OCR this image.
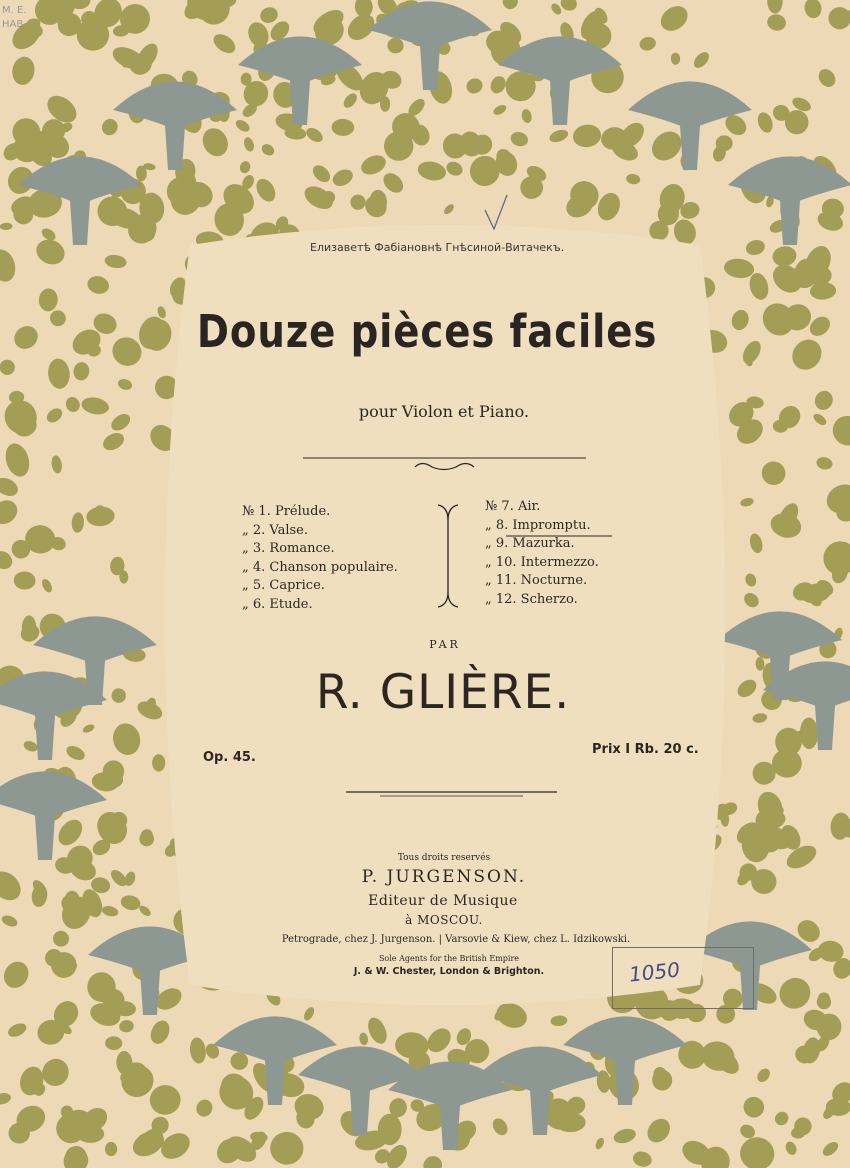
М. Е.
НАВ
Елизаветѣ Фабіановнѣ Гнѣсиной-Витачекъ.
Douze pièces faciles
pour Violon et Piano.
№ 1. Prélude.
„ 2. Valse.
„ 3. Romance.
„ 4. Chanson populaire.
„ 5. Caprice.
„ 6. Etude.
№ 7. Air.
„ 8. Impromptu.
„ 9. Mazurka.
„ 10. Intermezzo.
„ 11. Nocturne.
„ 12. Scherzo.
PAR
R. GLIÈRE.
Op. 45.
Prix I Rb. 20 c.
Tous droits reservés
P. JURGENSON.
Editeur de Musique
à MOSCOU.
Petrograde, chez J. Jurgenson. | Varsovie & Kiew, chez L. Idzikowski.
Sole Agents for the British Empire
J. & W. Chester, London & Brighton.	1050
